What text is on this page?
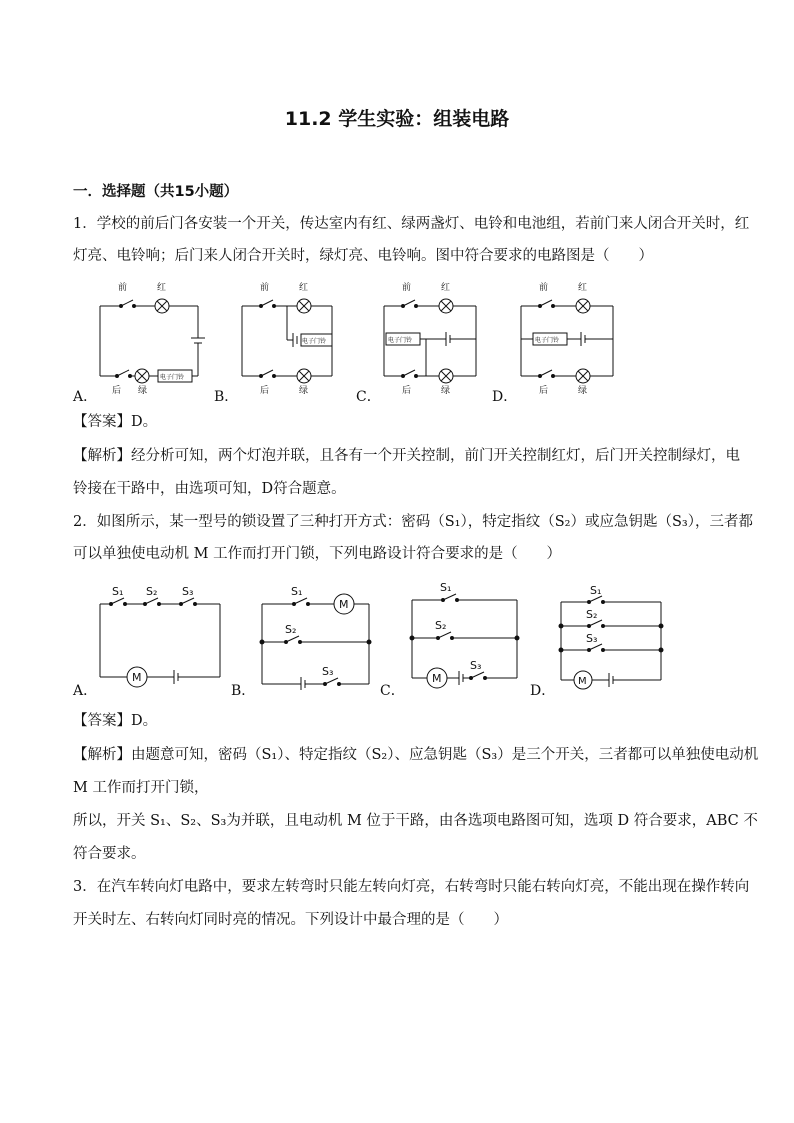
11.2 学生实验：组装电路
一．选择题（共15小题）
1．学校的前后门各安装一个开关，传达室内有红、绿两盏灯、电铃和电池组，若前门来人闭合开关时，红
灯亮、电铃响；后门来人闭合开关时，绿灯亮、电铃响。图中符合要求的电路图是（　　）
A．
前	红
电子门铃
后 绿	B．
前	红
电子门铃
后	绿	C．
前	红
电子门铃
后	绿	D．
前	红
电子门铃
后	绿
【答案】D。
【解析】经分析可知，两个灯泡并联，且各有一个开关控制，前门开关控制红灯，后门开关控制绿灯，电
铃接在干路中，由选项可知，D符合题意。
2．如图所示，某一型号的锁设置了三种打开方式：密码（S₁），特定指纹（S₂）或应急钥匙（S₃），三者都
可以单独使电动机 M 工作而打开门锁，下列电路设计符合要求的是（　　）
A．
S₁ S₂ S₃
M
B．
S₁
M
S₂
S₃
C．
S₁
S₂
M
S₃
D．
S₁
S₂
S₃
M
【答案】D。
【解析】由题意可知，密码（S₁）、特定指纹（S₂）、应急钥匙（S₃）是三个开关，三者都可以单独使电动机
M 工作而打开门锁，
所以，开关 S₁、S₂、S₃为并联，且电动机 M 位于干路，由各选项电路图可知，选项 D 符合要求，ABC 不
符合要求。
3．在汽车转向灯电路中，要求左转弯时只能左转向灯亮，右转弯时只能右转向灯亮，不能出现在操作转向
开关时左、右转向灯同时亮的情况。下列设计中最合理的是（　　）
